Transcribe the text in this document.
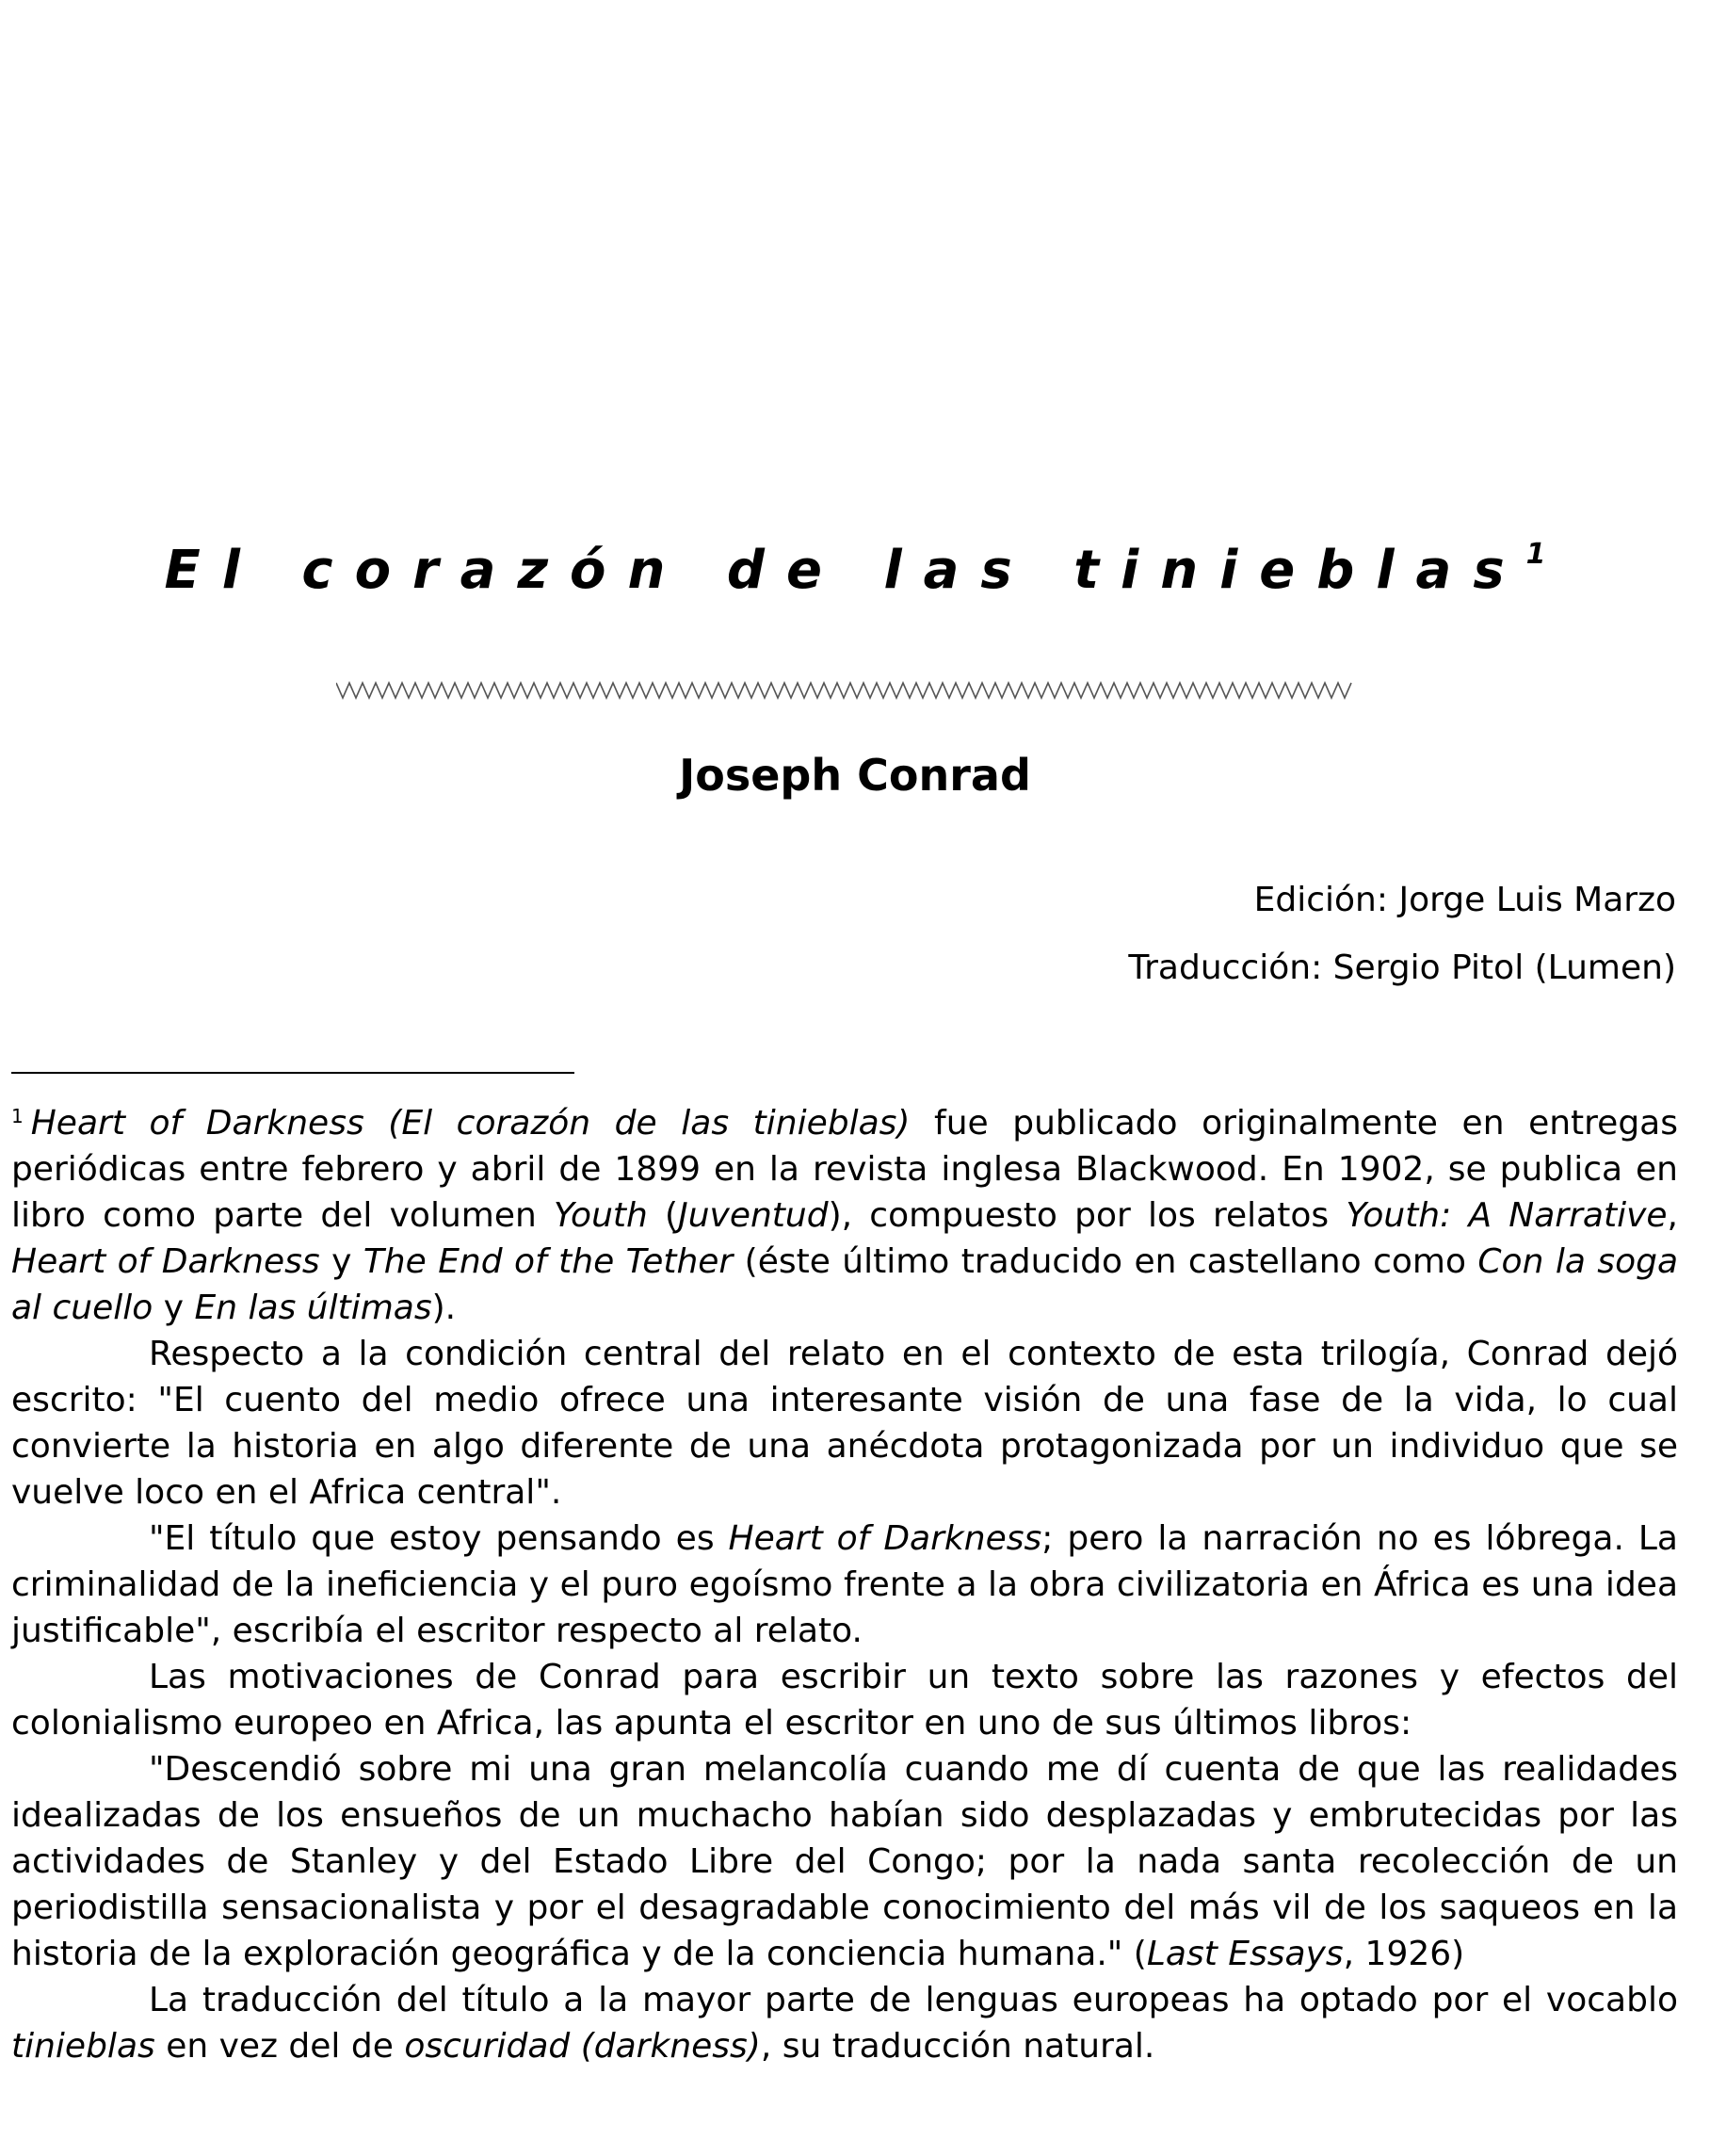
El corazón de las tinieblas$^1$
Joseph Conrad

Edición: Jorge Luis Marzo

Traducción: Sergio Pitol (Lumen)

$^1$ Heart of Darkness (El corazón de las tinieblas) fue publicado originalmente en entregas periódicas entre febrero y abril de 1899 en la revista inglesa Blackwood. En 1902, se publica en libro como parte del volumen Youth (Juventud), compuesto por los relatos Youth: A Narrative, Heart of Darkness y The End of the Tether (éste último traducido en castellano como Con la soga al cuello y En las últimas).

Respecto a la condición central del relato en el contexto de esta trilogía, Conrad dejó escrito: "El cuento del medio ofrece una interesante visión de una fase de la vida, lo cual convierte la historia en algo diferente de una anécdota protagonizada por un individuo que se vuelve loco en el Africa central".

"El título que estoy pensando es Heart of Darkness; pero la narración no es lóbrega. La criminalidad de la ineficiencia y el puro egoísmo frente a la obra civilizatoria en África es una idea justificable", escribía el escritor respecto al relato.

Las motivaciones de Conrad para escribir un texto sobre las razones y efectos del colonialismo europeo en Africa, las apunta el escritor en uno de sus últimos libros:

"Descendió sobre mi una gran melancolía cuando me dí cuenta de que las realidades idealizadas de los ensueños de un muchacho habían sido desplazadas y embrutecidas por las actividades de Stanley y del Estado Libre del Congo; por la nada santa recolección de un periodistilla sensacionalista y por el desagradable conocimiento del más vil de los saqueos en la historia de la exploración geográfica y de la conciencia humana." (Last Essays, 1926)

La traducción del título a la mayor parte de lenguas europeas ha optado por el vocablo tinieblas en vez del de oscuridad (darkness), su traducción natural.
